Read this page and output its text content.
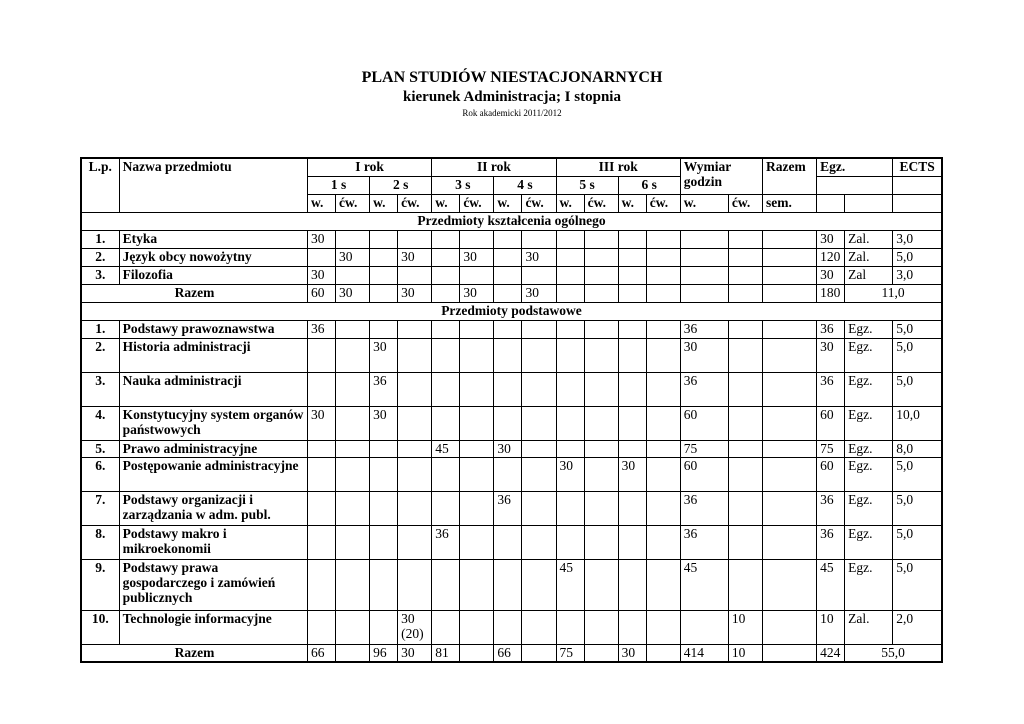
PLAN STUDIÓW NIESTACJONARNYCH
kierunek Administracja; I stopnia
Rok akademicki 2011/2012
L.p.	Nazwa przedmiotu	I rok				II rok				III rok				Wymiar godzin		Razem	Egz.		ECTS
		1 s		2 s		3 s		4 s		5 s		6 s							
		w.	ćw.	w.	ćw.	w.	ćw.	w.	ćw.	w.	ćw.	w.	ćw.	w.	ćw.	sem.			
Przedmioty kształcenia ogólnego																			
1.	Etyka	30															30	Zal.	3,0
2.	Język obcy nowożytny		30		30		30		30								120	Zal.	5,0
3.	Filozofia	30															30	Zal	3,0
Razem		60	30		30		30		30								180	11,0	
Przedmioty podstawowe																			
1.	Podstawy prawoznawstwa	36												36			36	Egz.	5,0
2.	Historia administracji			30										30			30	Egz.	5,0
3.	Nauka administracji			36										36			36	Egz.	5,0
4.	Konstytucyjny system organów państwowych	30		30										60			60	Egz.	10,0
5.	Prawo administracyjne					45		30						75			75	Egz.	8,0
6.	Postępowanie administracyjne									30		30		60			60	Egz.	5,0
7.	Podstawy organizacji i zarządzania w adm. publ.							36						36			36	Egz.	5,0
8.	Podstawy makro i mikroekonomii					36								36			36	Egz.	5,0
9.	Podstawy prawa gospodarczego i zamówień publicznych									45				45			45	Egz.	5,0
10.	Technologie informacyjne				30 (20)										10		10	Zal.	2,0
Razem		66		96	30	81		66		75		30		414	10		424	55,0	
